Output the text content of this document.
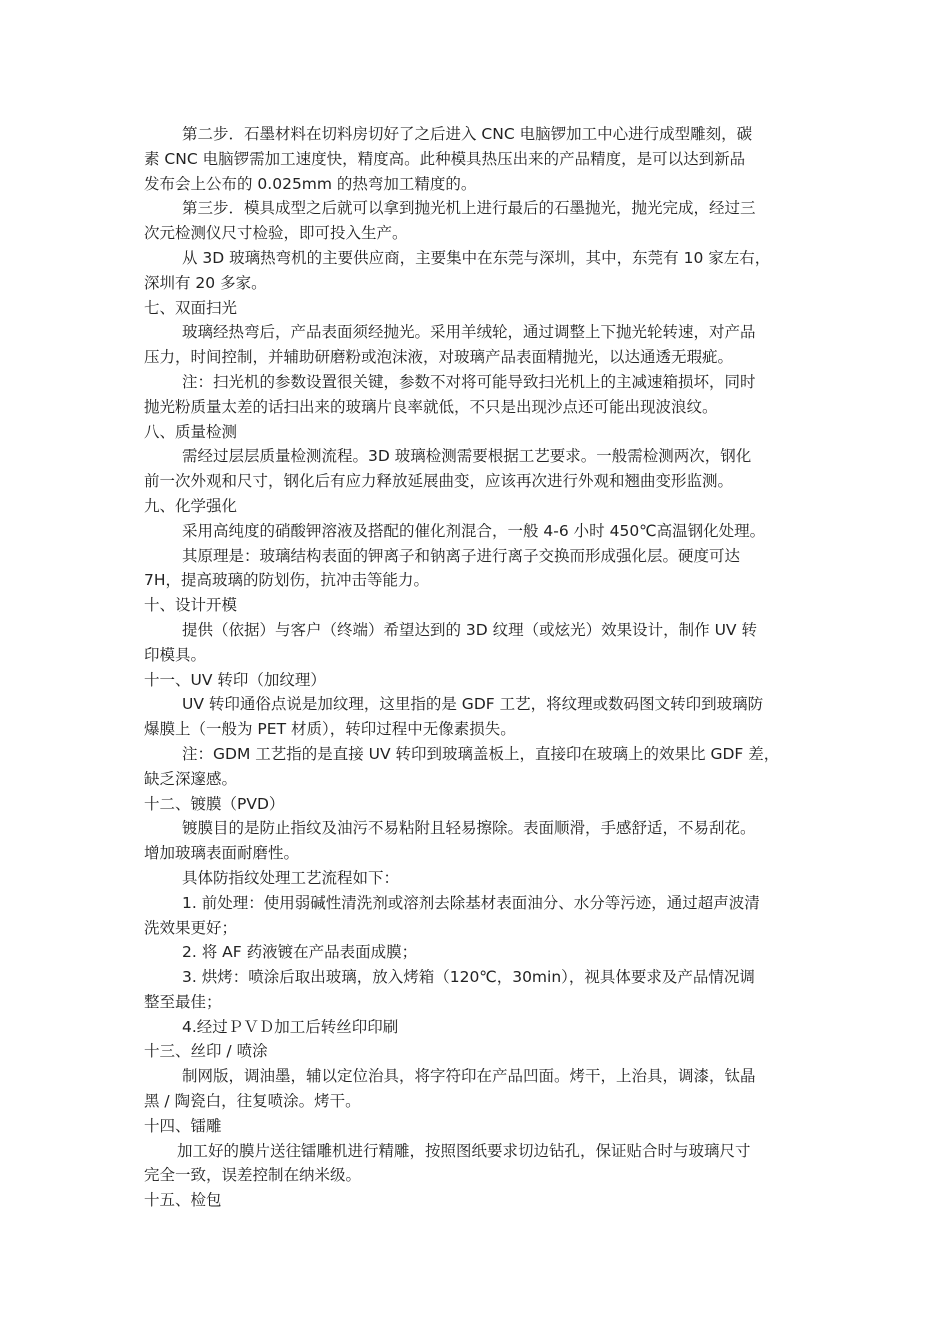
第二步．石墨材料在切料房切好了之后进入 CNC 电脑锣加工中心进行成型雕刻，碳
素 CNC 电脑锣需加工速度快，精度高。此种模具热压出来的产品精度，是可以达到新品
发布会上公布的 0.025mm 的热弯加工精度的。
第三步．模具成型之后就可以拿到抛光机上进行最后的石墨抛光，抛光完成，经过三
次元检测仪尺寸检验，即可投入生产。
从 3D 玻璃热弯机的主要供应商，主要集中在东莞与深圳，其中，东莞有 10 家左右，
深圳有 20 多家。
七、双面扫光
玻璃经热弯后，产品表面须经抛光。采用羊绒轮，通过调整上下抛光轮转速，对产品
压力，时间控制，并辅助研磨粉或泡沫液，对玻璃产品表面精抛光，以达通透无瑕疵。
注：扫光机的参数设置很关键，参数不对将可能导致扫光机上的主减速箱损坏，同时
抛光粉质量太差的话扫出来的玻璃片良率就低，不只是出现沙点还可能出现波浪纹。
八、质量检测
需经过层层质量检测流程。3D 玻璃检测需要根据工艺要求。一般需检测两次，钢化
前一次外观和尺寸，钢化后有应力释放延展曲变，应该再次进行外观和翘曲变形监测。
九、化学强化
采用高纯度的硝酸钾溶液及搭配的催化剂混合，一般 4-6 小时 450℃高温钢化处理。
其原理是：玻璃结构表面的钾离子和钠离子进行离子交换而形成强化层。硬度可达
7H，提高玻璃的防划伤，抗冲击等能力。
十、设计开模
提供（依据）与客户（终端）希望达到的 3D 纹理（或炫光）效果设计，制作 UV 转
印模具。
十一、UV 转印（加纹理）
UV 转印通俗点说是加纹理，这里指的是 GDF 工艺，将纹理或数码图文转印到玻璃防
爆膜上（一般为 PET 材质），转印过程中无像素损失。
注：GDM 工艺指的是直接 UV 转印到玻璃盖板上，直接印在玻璃上的效果比 GDF 差，
缺乏深邃感。
十二、镀膜（PVD）
镀膜目的是防止指纹及油污不易粘附且轻易擦除。表面顺滑，手感舒适，不易刮花。
增加玻璃表面耐磨性。
具体防指纹处理工艺流程如下：
1. 前处理：使用弱碱性清洗剂或溶剂去除基材表面油分、水分等污迹，通过超声波清
洗效果更好；
2. 将 AF 药液镀在产品表面成膜；
3. 烘烤：喷涂后取出玻璃，放入烤箱（120℃，30min），视具体要求及产品情况调
整至最佳；
4.经过ＰＶＤ加工后转丝印印刷
十三、丝印 / 喷涂
制网版，调油墨，辅以定位治具，将字符印在产品凹面。烤干，上治具，调漆，钛晶
黑 / 陶瓷白，往复喷涂。烤干。
十四、镭雕
加工好的膜片送往镭雕机进行精雕，按照图纸要求切边钻孔，保证贴合时与玻璃尺寸
完全一致，误差控制在纳米级。
十五、检包
